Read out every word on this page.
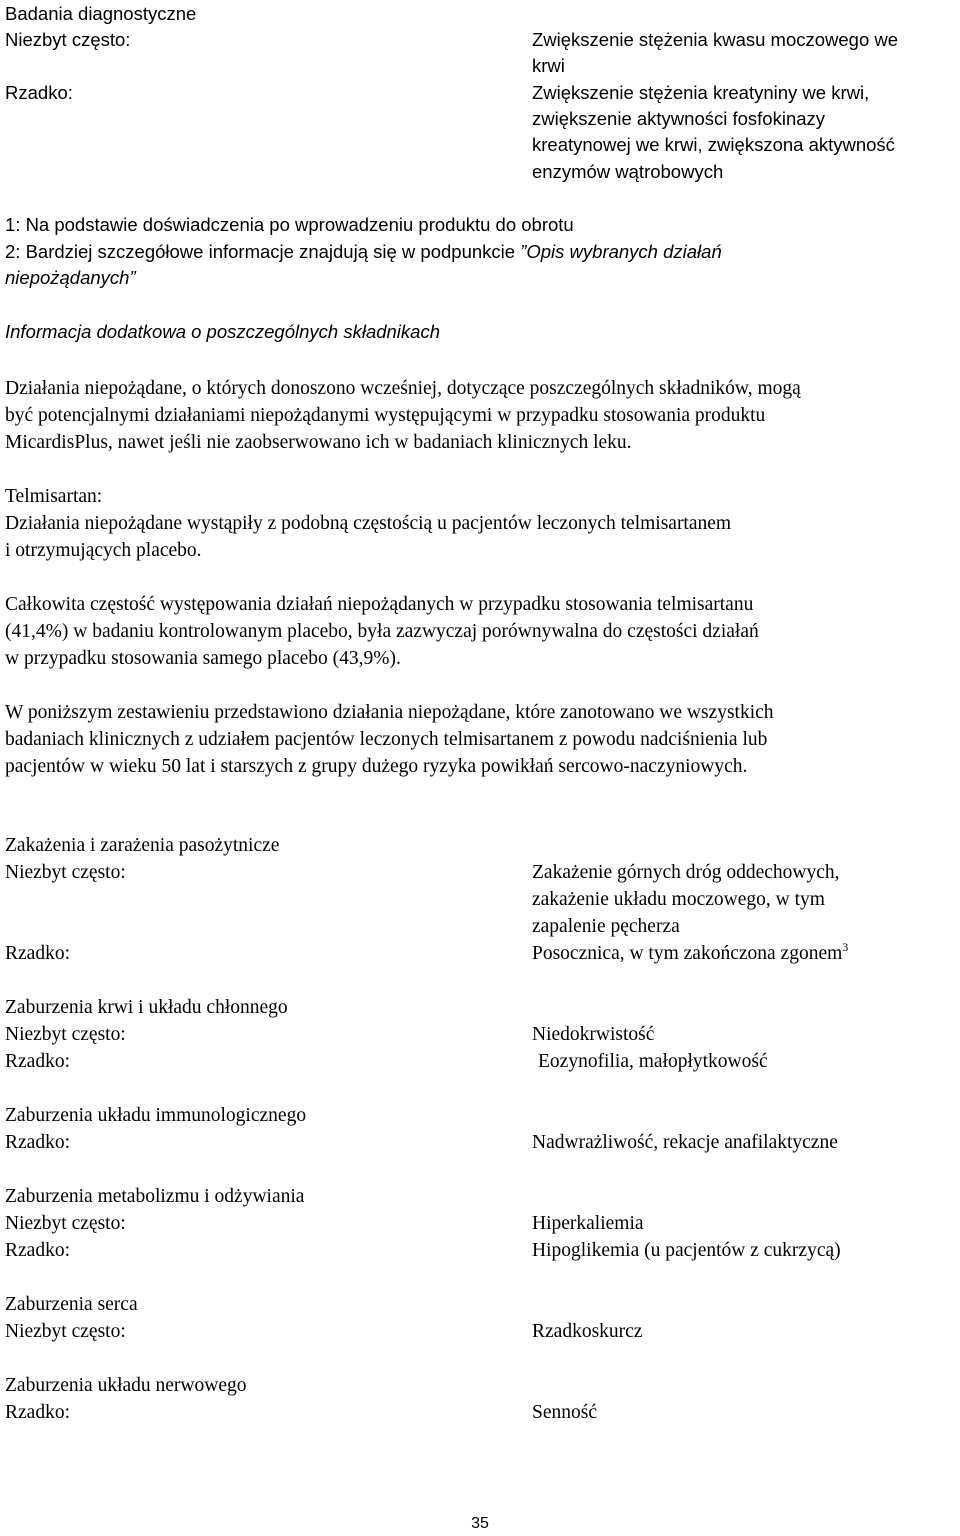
Badania diagnostyczne
Niezbyt często:	Zwiększenie stężenia kwasu moczowego we
krwi
Rzadko:	Zwiększenie stężenia kreatyniny we krwi,
zwiększenie aktywności fosfokinazy
kreatynowej we krwi, zwiększona aktywność
enzymów wątrobowych
1: Na podstawie doświadczenia po wprowadzeniu produktu do obrotu
2: Bardziej szczegółowe informacje znajdują się w podpunkcie ”Opis wybranych działań
niepożądanych”
Informacja dodatkowa o poszczególnych składnikach
Działania niepożądane, o których donoszono wcześniej, dotyczące poszczególnych składników, mogą
być potencjalnymi działaniami niepożądanymi występującymi w przypadku stosowania produktu
MicardisPlus, nawet jeśli nie zaobserwowano ich w badaniach klinicznych leku.
Telmisartan:
Działania niepożądane wystąpiły z podobną częstością u pacjentów leczonych telmisartanem
i otrzymujących placebo.
Całkowita częstość występowania działań niepożądanych w przypadku stosowania telmisartanu
(41,4%) w badaniu kontrolowanym placebo, była zazwyczaj porównywalna do częstości działań
w przypadku stosowania samego placebo (43,9%).
W poniższym zestawieniu przedstawiono działania niepożądane, które zanotowano we wszystkich
badaniach klinicznych z udziałem pacjentów leczonych telmisartanem z powodu nadciśnienia lub
pacjentów w wieku 50 lat i starszych z grupy dużego ryzyka powikłań sercowo-naczyniowych.
Zakażenia i zarażenia pasożytnicze
Niezbyt często:	Zakażenie górnych dróg oddechowych,
zakażenie układu moczowego, w tym
zapalenie pęcherza
Rzadko:	Posocznica, w tym zakończona zgonem$^3$
Zaburzenia krwi i układu chłonnego
Niezbyt często:	Niedokrwistość
Rzadko:	Eozynofilia, małopłytkowość
Zaburzenia układu immunologicznego
Rzadko:	Nadwrażliwość, rekacje anafilaktyczne
Zaburzenia metabolizmu i odżywiania
Niezbyt często:	Hiperkaliemia
Rzadko:	Hipoglikemia (u pacjentów z cukrzycą)
Zaburzenia serca
Niezbyt często:	Rzadkoskurcz
Zaburzenia układu nerwowego
Rzadko:	Senność
35
